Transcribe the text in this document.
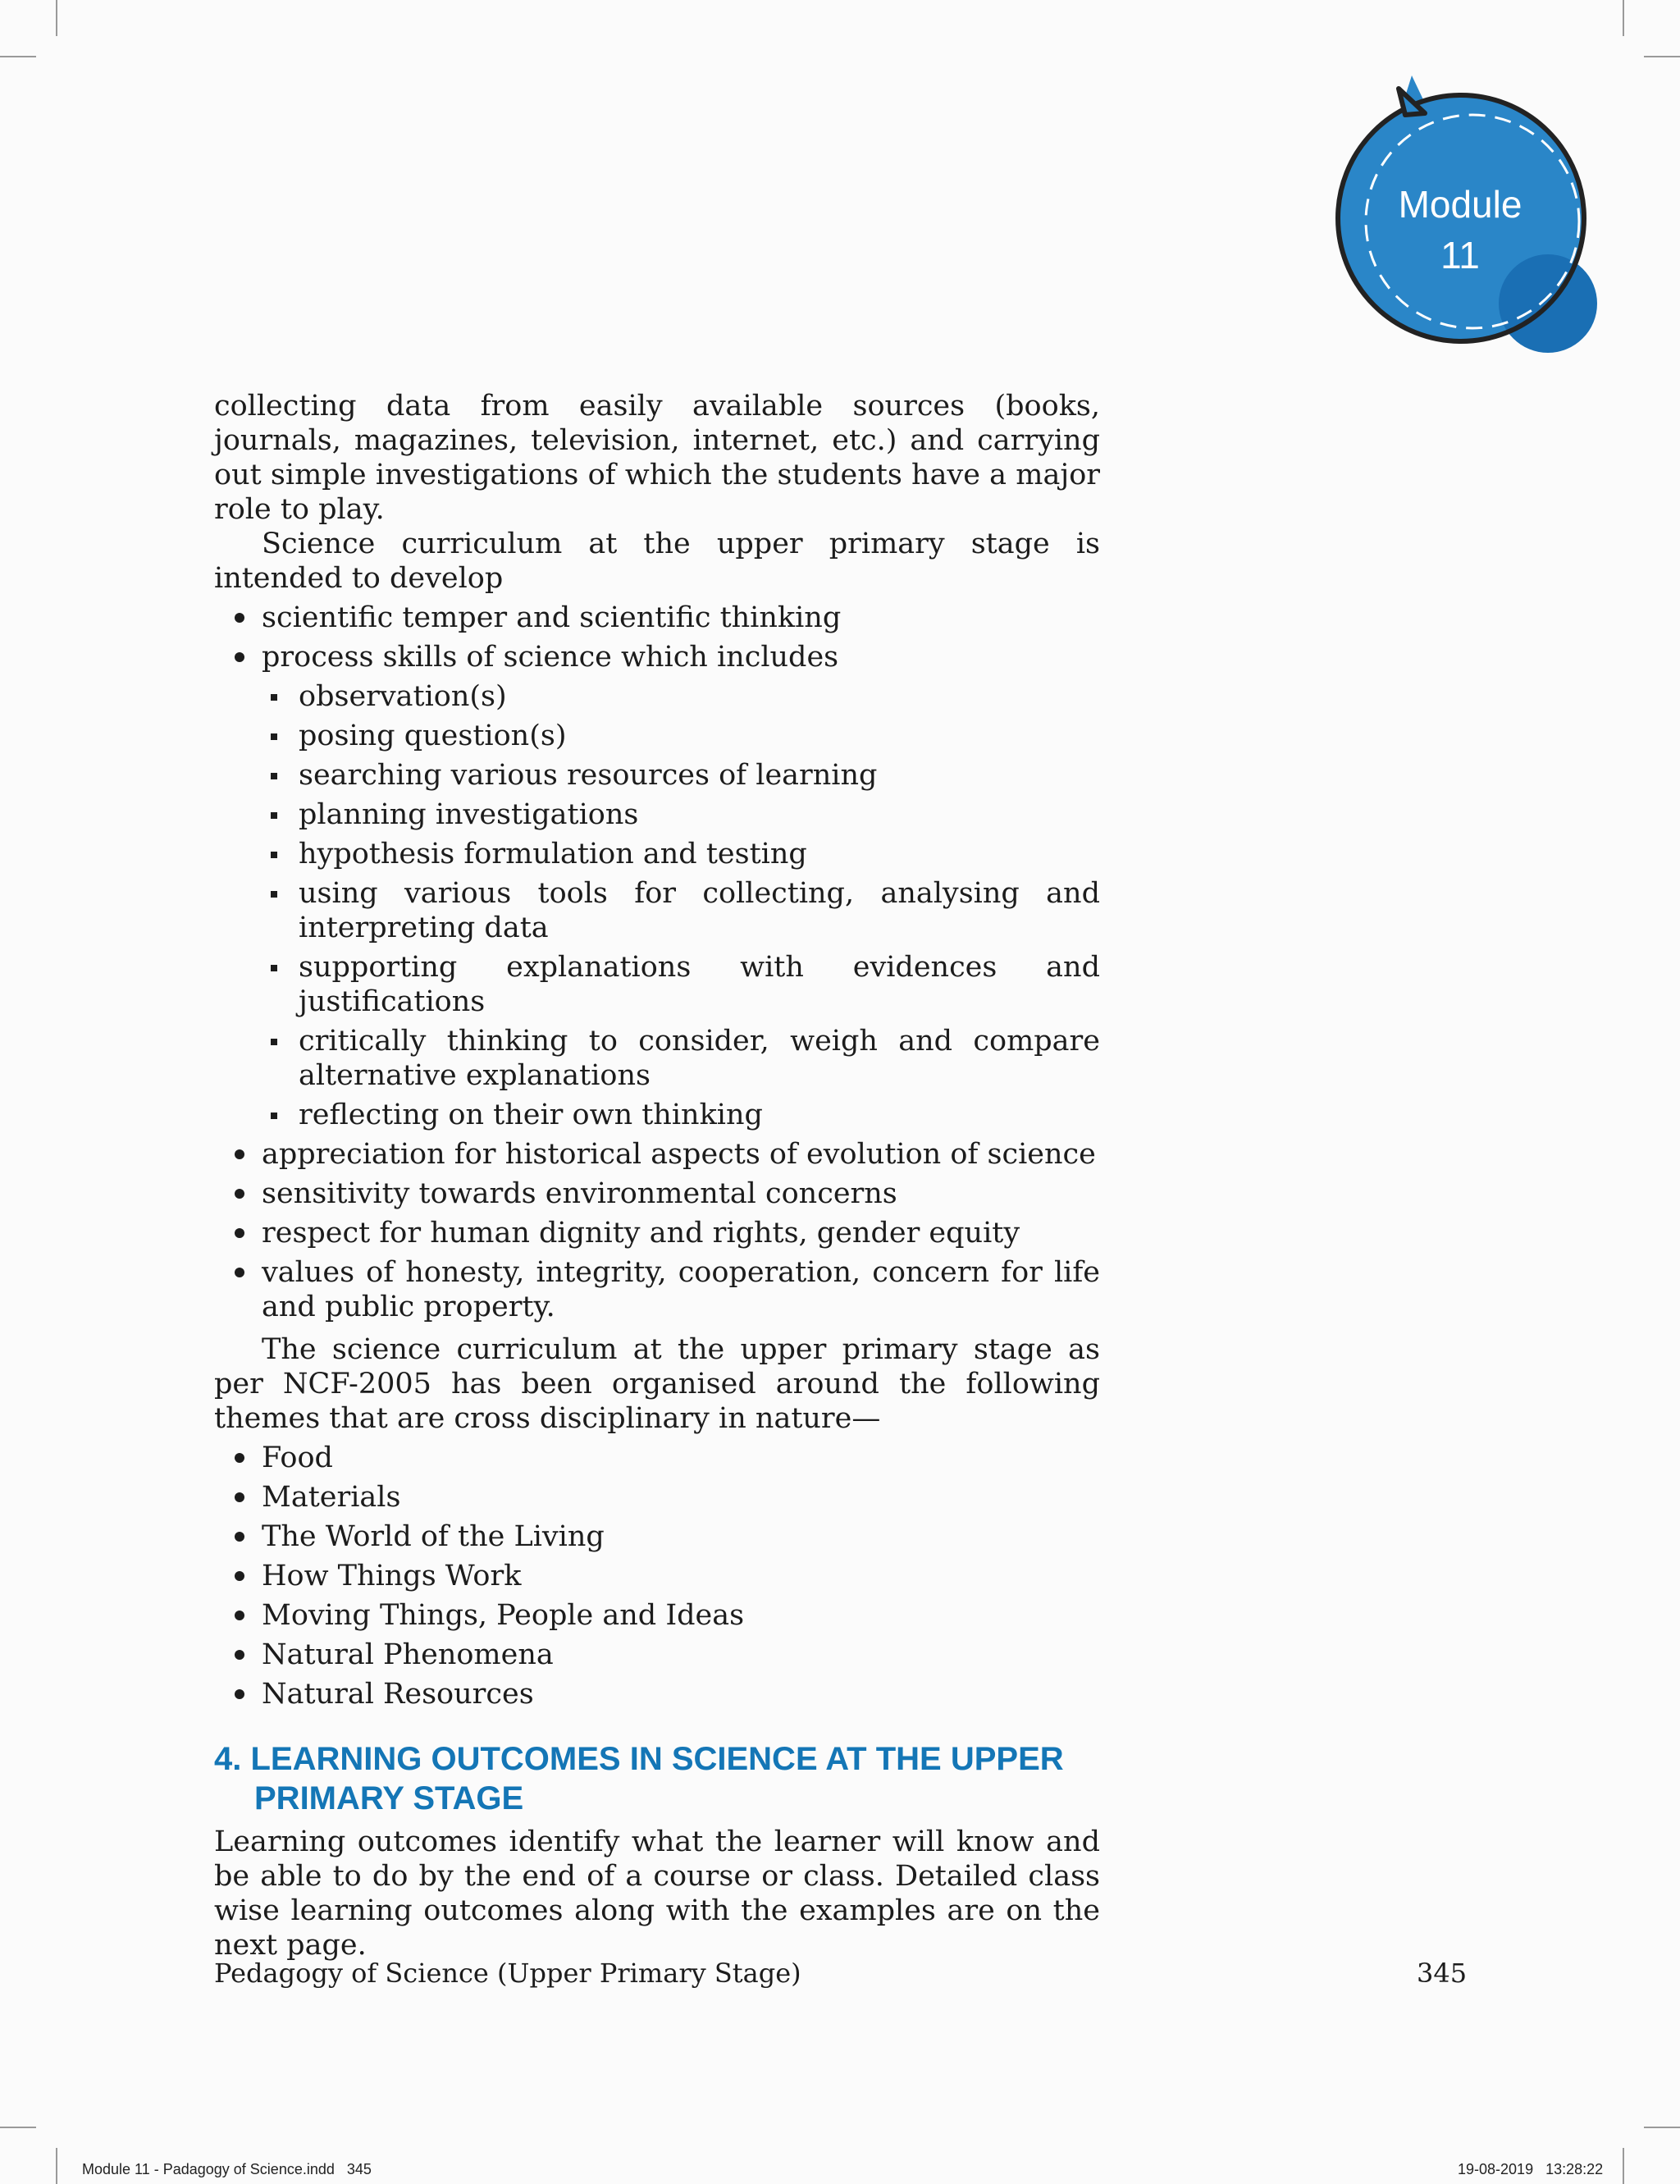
Module
11

collecting data from easily available sources (books, journals, magazines, television, internet, etc.) and carrying out simple investigations of which the students have a major role to play.

Science curriculum at the upper primary stage is intended to develop

scientific temper and scientific thinking
process skills of science which includes
observation(s)
posing question(s)
searching various resources of learning
planning investigations
hypothesis formulation and testing
using various tools for collecting, analysing and interpreting data
supporting explanations with evidences and justifications
critically thinking to consider, weigh and compare alternative explanations
reflecting on their own thinking
appreciation for historical aspects of evolution of science
sensitivity towards environmental concerns
respect for human dignity and rights, gender equity
values of honesty, integrity, cooperation, concern for life and public property.

The science curriculum at the upper primary stage as per NCF-2005 has been organised around the following themes that are cross disciplinary in nature—

Food
Materials
The World of the Living
How Things Work
Moving Things, People and Ideas
Natural Phenomena
Natural Resources
4. LEARNING OUTCOMES IN SCIENCE AT THE UPPER PRIMARY STAGE

Learning outcomes identify what the learner will know and be able to do by the end of a course or class. Detailed class wise learning outcomes along with the examples are on the next page.

Pedagogy of Science (Upper Primary Stage)	345
Module 11 - Padagogy of Science.indd   345	19-08-2019   13:28:22
